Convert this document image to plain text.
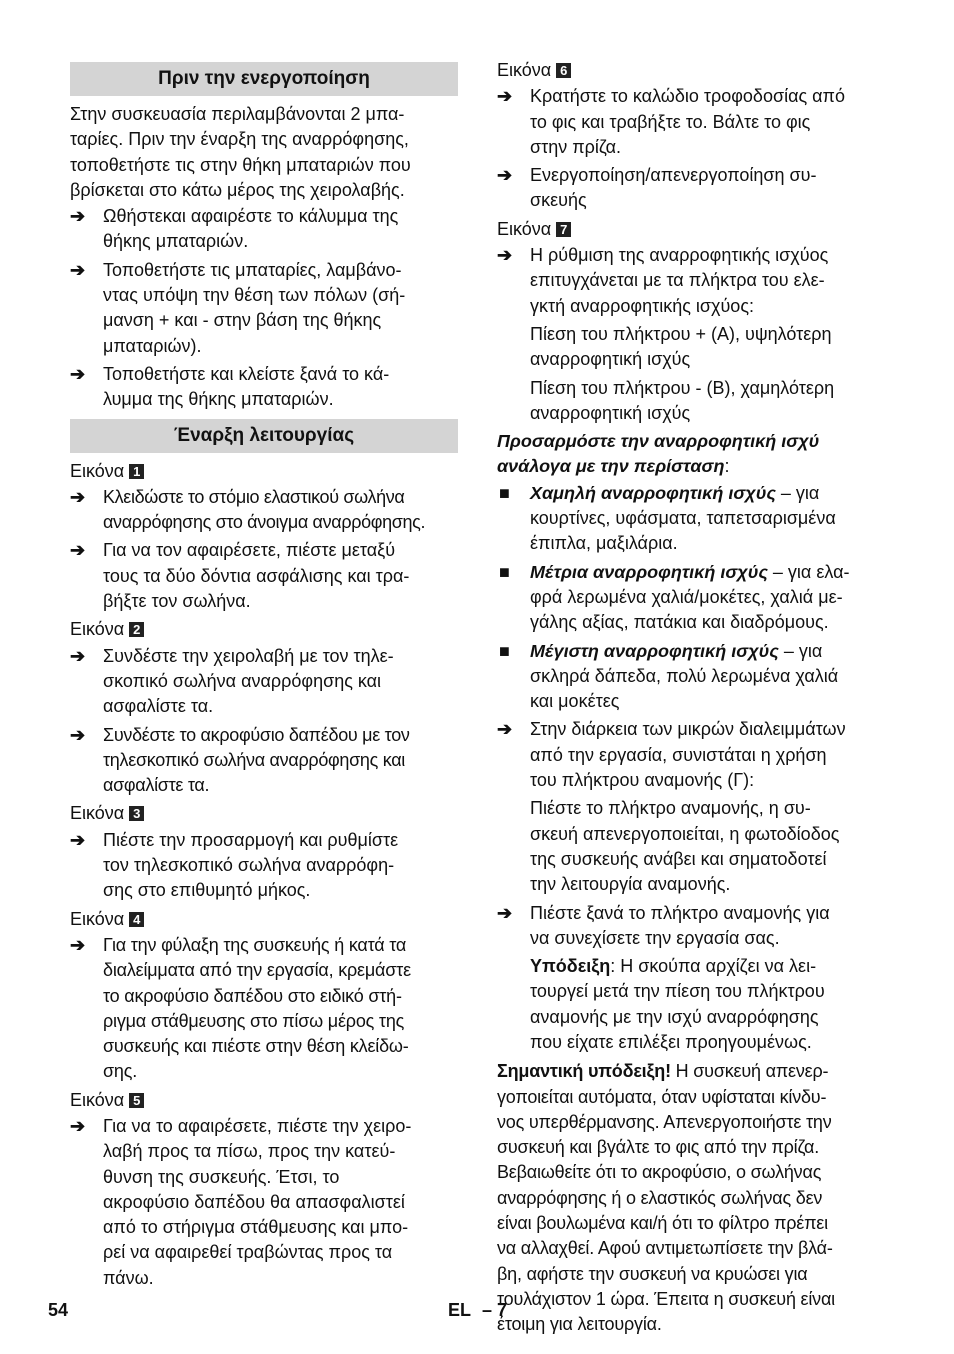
Πριν την ενεργοποίηση
Στην συσκευασία περιλαμβάνονται 2 μπα-
ταρίες. Πριν την έναρξη της αναρρόφησης,
τοποθετήστε τις στην θήκη μπαταριών που
βρίσκεται στο κάτω μέρος της χειρολαβής.
➔ Ωθήστεκαι αφαιρέστε το κάλυμμα της
θήκης μπαταριών.
➔ Τοποθετήστε τις μπαταρίες, λαμβάνο-
ντας υπόψη την θέση των πόλων (σή-
μανση + και - στην βάση της θήκης
μπαταριών).
➔ Τοποθετήστε και κλείστε ξανά το κά-
λυμμα της θήκης μπαταριών.
Έναρξη λειτουργίας
Εικόνα 1
➔ Κλειδώστε το στόμιο ελαστικού σωλήνα
αναρρόφησης στο άνοιγμα αναρρόφησης.
➔ Για να τον αφαιρέσετε, πιέστε μεταξύ
τους τα δύο δόντια ασφάλισης και τρα-
βήξτε τον σωλήνα.
Εικόνα 2
➔ Συνδέστε την χειρολαβή με τον τηλε-
σκοπικό σωλήνα αναρρόφησης και
ασφαλίστε τα.
➔ Συνδέστε το ακροφύσιο δαπέδου με τον
τηλεσκοπικό σωλήνα αναρρόφησης και
ασφαλίστε τα.
Εικόνα 3
➔ Πιέστε την προσαρμογή και ρυθμίστε
τον τηλεσκοπικό σωλήνα αναρρόφη-
σης στο επιθυμητό μήκος.
Εικόνα 4
➔ Για την φύλαξη της συσκευής ή κατά τα
διαλείμματα από την εργασία, κρεμάστε
το ακροφύσιο δαπέδου στο ειδικό στή-
ριγμα στάθμευσης στο πίσω μέρος της
συσκευής και πιέστε στην θέση κλείδω-
σης.
Εικόνα 5
➔ Για να το αφαιρέσετε, πιέστε την χειρο-
λαβή προς τα πίσω, προς την κατεύ-
θυνση της συσκευής. Έτσι, το
ακροφύσιο δαπέδου θα απασφαλιστεί
από το στήριγμα στάθμευσης και μπο-
ρεί να αφαιρεθεί τραβώντας προς τα
πάνω.
Εικόνα 6
➔ Κρατήστε το καλώδιο τροφοδοσίας από
το φις και τραβήξτε το. Βάλτε το φις
στην πρίζα.
➔ Ενεργοποίηση/απενεργοποίηση συ-
σκευής
Εικόνα 7
➔ Η ρύθμιση της αναρροφητικής ισχύος
επιτυγχάνεται με τα πλήκτρα του ελε-
γκτή αναρροφητικής ισχύος:
Πίεση του πλήκτρου + (A), υψηλότερη
αναρροφητική ισχύς
Πίεση του πλήκτρου - (B), χαμηλότερη
αναρροφητική ισχύς
Προσαρμόστε την αναρροφητική ισχύ
ανάλογα με την περίσταση:
■ Χαμηλή αναρροφητική ισχύς – για
κουρτίνες, υφάσματα, ταπετσαρισμένα
έπιπλα, μαξιλάρια.
■ Μέτρια αναρροφητική ισχύς – για ελα-
φρά λερωμένα χαλιά/μοκέτες, χαλιά με-
γάλης αξίας, πατάκια και διαδρόμους.
■ Μέγιστη αναρροφητική ισχύς – για
σκληρά δάπεδα, πολύ λερωμένα χαλιά
και μοκέτες
➔ Στην διάρκεια των μικρών διαλειμμάτων
από την εργασία, συνιστάται η χρήση
του πλήκτρου αναμονής (Γ):
Πιέστε το πλήκτρο αναμονής, η συ-
σκευή απενεργοποιείται, η φωτοδίοδος
της συσκευής ανάβει και σηματοδοτεί
την λειτουργία αναμονής.
➔ Πιέστε ξανά το πλήκτρο αναμονής για
να συνεχίσετε την εργασία σας.
Υπόδειξη: Η σκούπα αρχίζει να λει-
τουργεί μετά την πίεση του πλήκτρου
αναμονής με την ισχύ αναρρόφησης
που είχατε επιλέξει προηγουμένως.
Σημαντική υπόδειξη! Η συσκευή απενερ-
γοποιείται αυτόματα, όταν υφίσταται κίνδυ-
νος υπερθέρμανσης. Απενεργοποιήστε την
συσκευή και βγάλτε το φις από την πρίζα.
Βεβαιωθείτε ότι το ακροφύσιο, ο σωλήνας
αναρρόφησης ή ο ελαστικός σωλήνας δεν
είναι βουλωμένα και/ή ότι το φίλτρο πρέπει
να αλλαχθεί. Αφού αντιμετωπίσετε την βλά-
βη, αφήστε την συσκευή να κρυώσει για
τουλάχιστον 1 ώρα. Έπειτα η συσκευή είναι
έτοιμη για λειτουργία.
54	EL – 7
